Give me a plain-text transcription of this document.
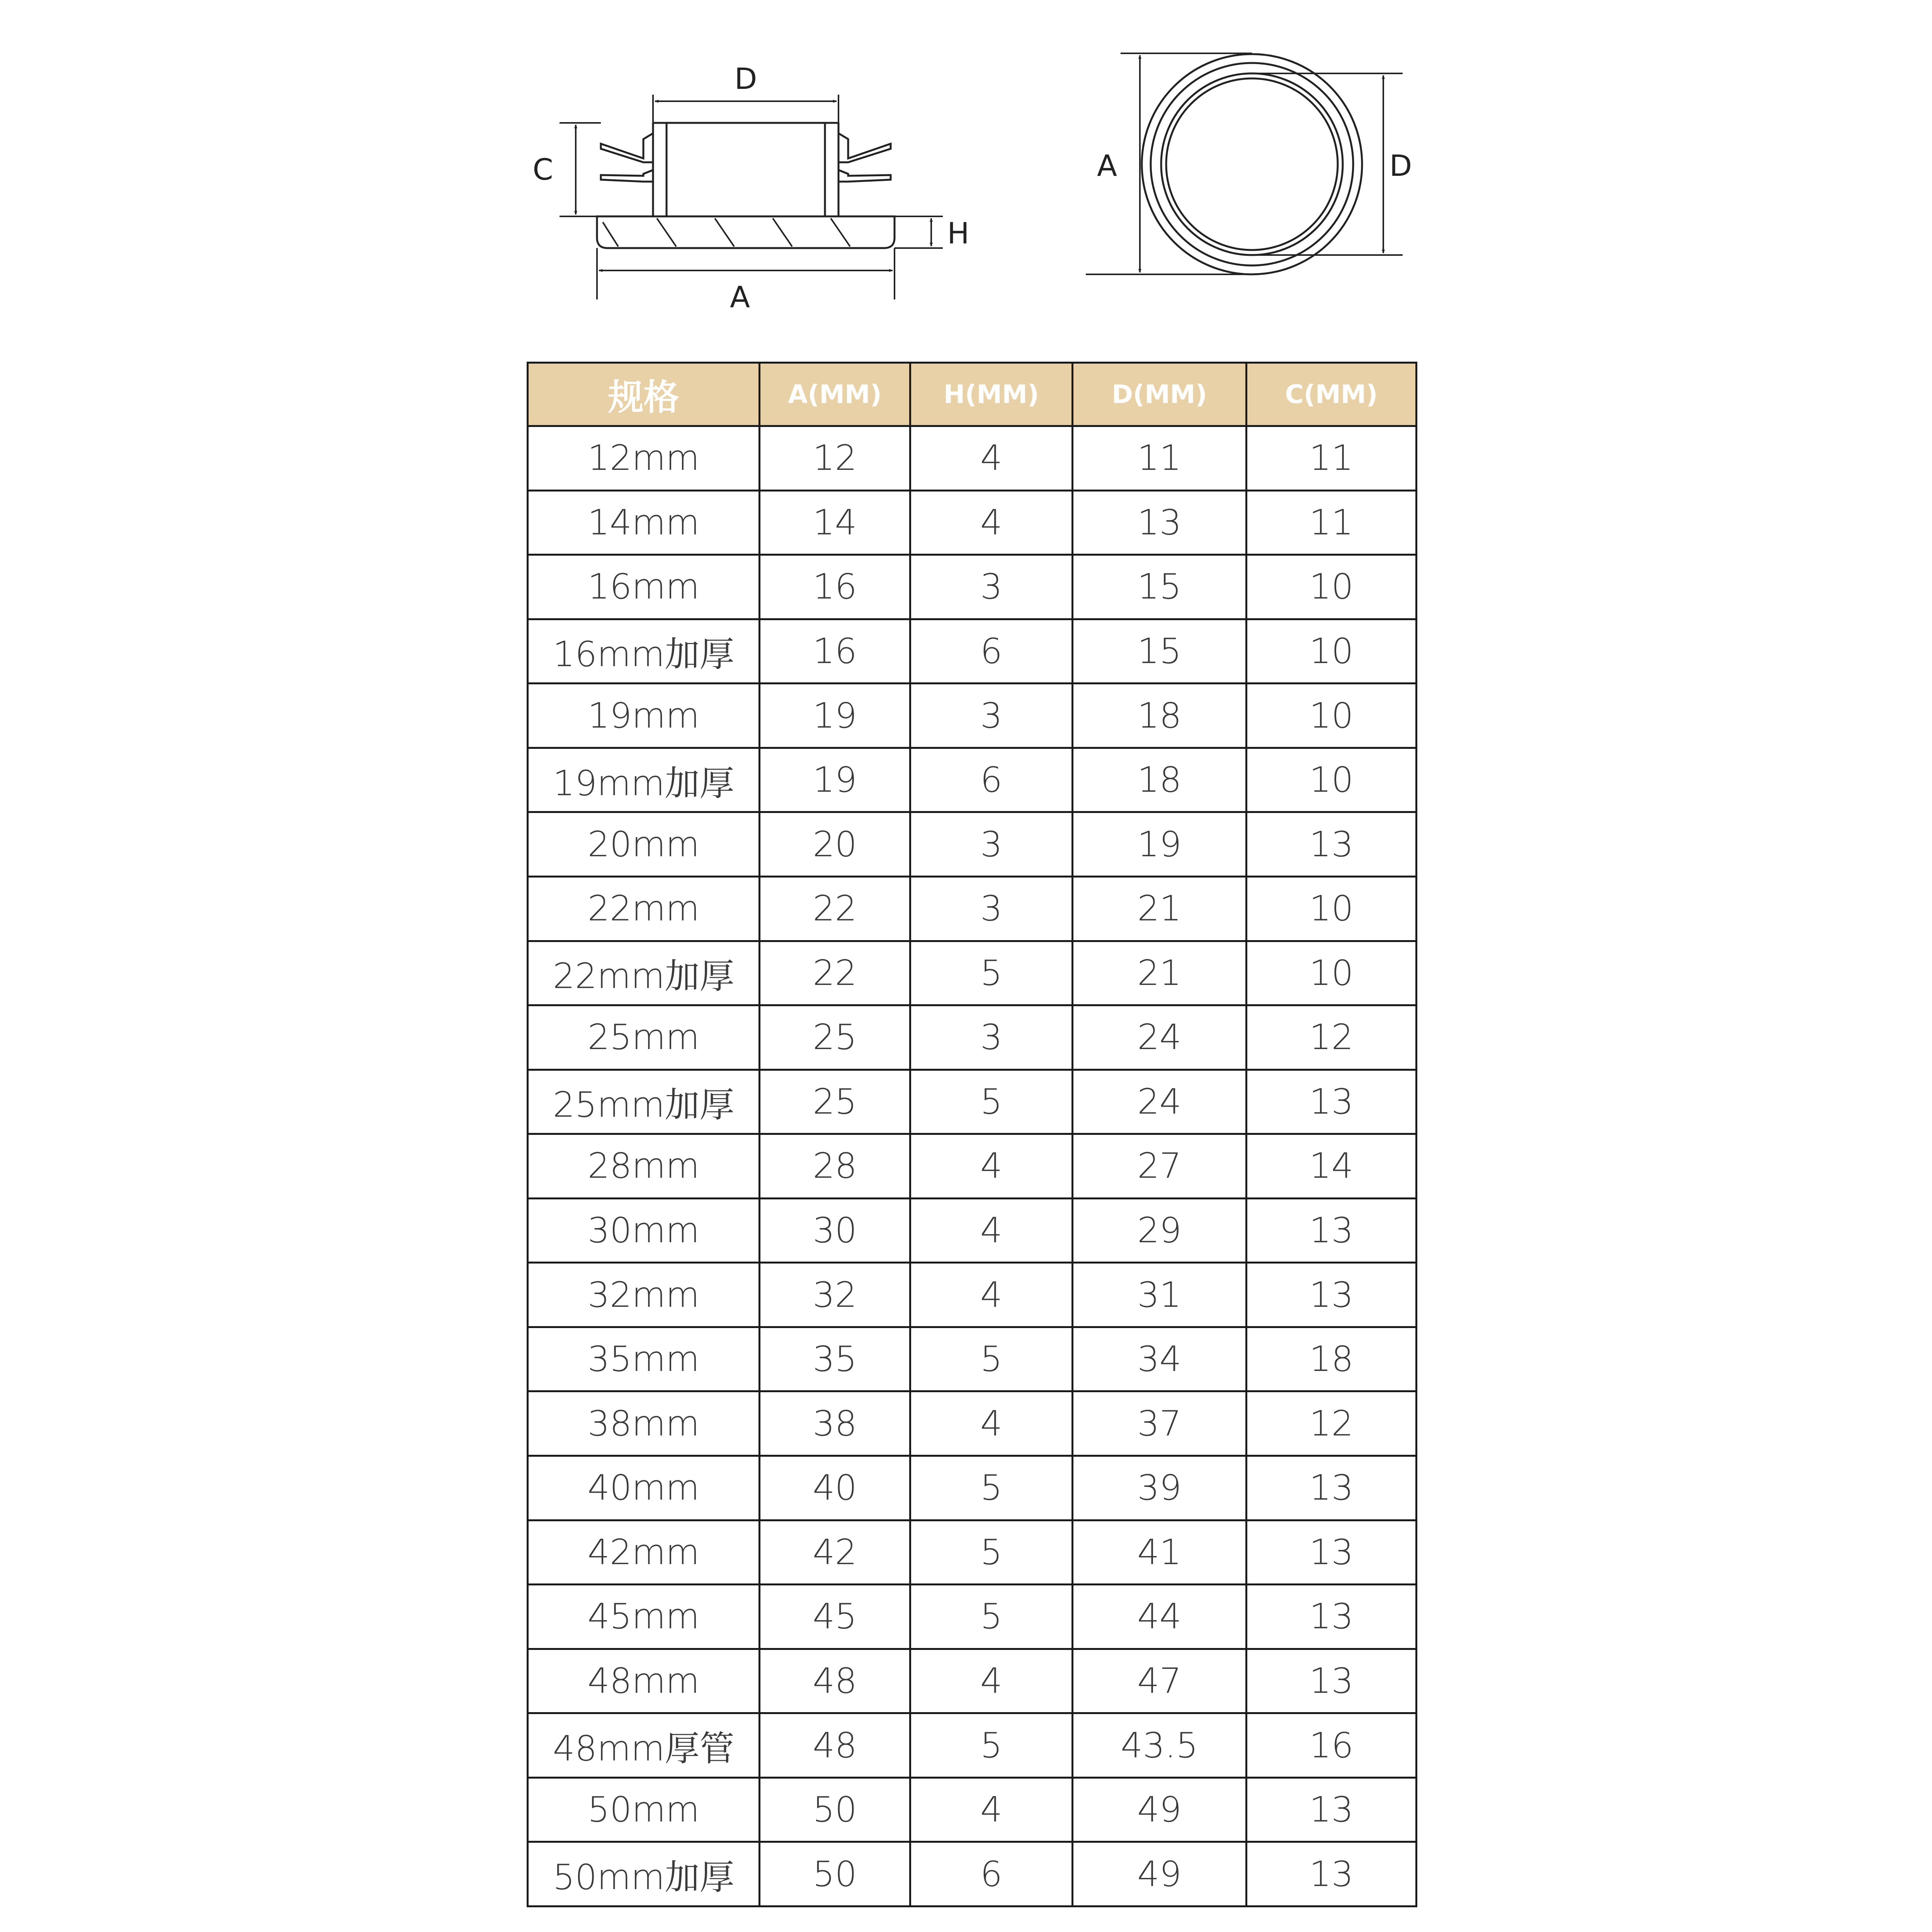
D
C
H
A
A	D
规格	A(MM)	H(MM)	D(MM)	C(MM)
12mm	12	4	11	11
14mm	14	4	13	11
16mm	16	3	15	10
16mm加厚	16	6	15	10
19mm	19	3	18	10
19mm加厚	19	6	18	10
20mm	20	3	19	13
22mm	22	3	21	10
22mm加厚	22	5	21	10
25mm	25	3	24	12
25mm加厚	25	5	24	13
28mm	28	4	27	14
30mm	30	4	29	13
32mm	32	4	31	13
35mm	35	5	34	18
38mm	38	4	37	12
40mm	40	5	39	13
42mm	42	5	41	13
45mm	45	5	44	13
48mm	48	4	47	13
48mm厚管	48	5	43.5	16
50mm	50	4	49	13
50mm加厚	50	6	49	13
